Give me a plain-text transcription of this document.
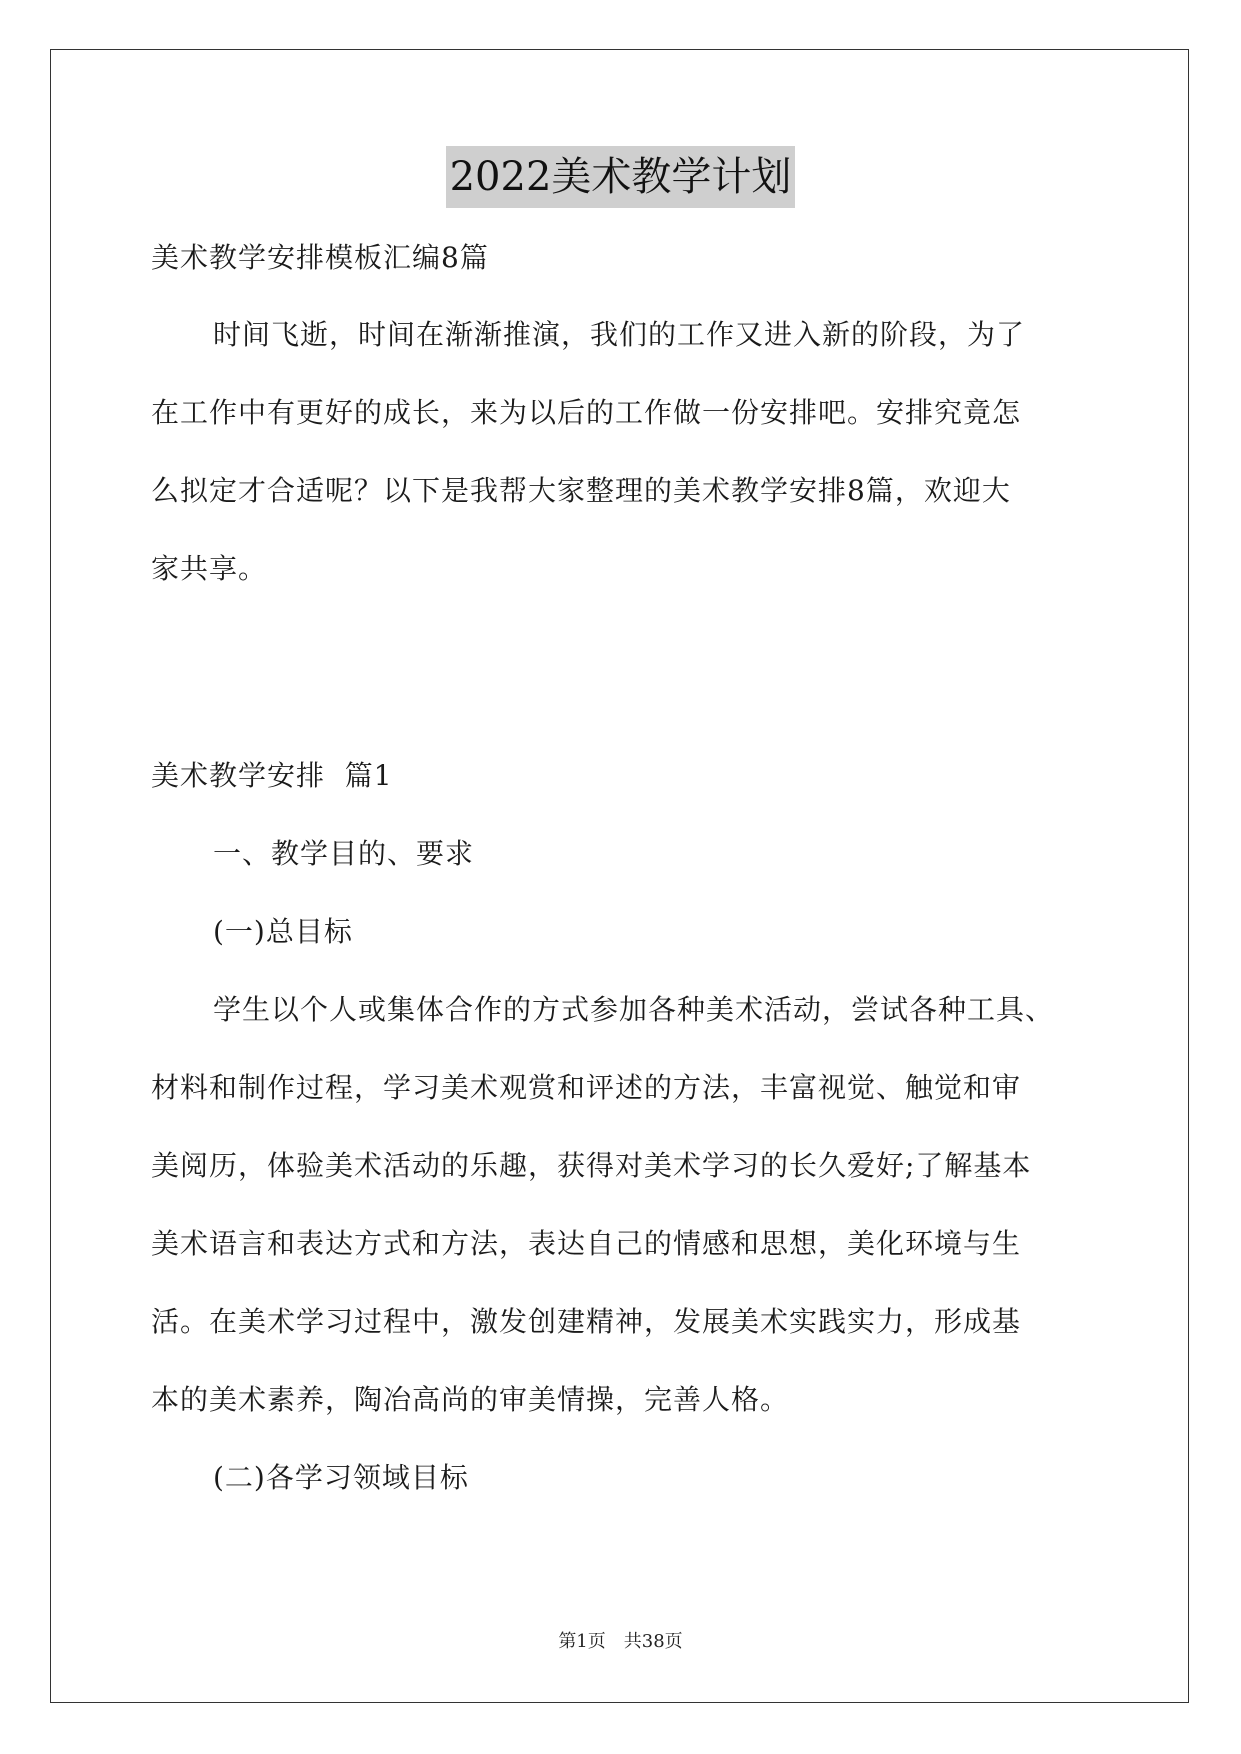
2022美术教学计划
美术教学安排模板汇编8篇
时间飞逝，时间在渐渐推演，我们的工作又进入新的阶段，为了
在工作中有更好的成长，来为以后的工作做一份安排吧。安排究竟怎
么拟定才合适呢？以下是我帮大家整理的美术教学安排8篇，欢迎大
家共享。
美术教学安排  篇1
一、教学目的、要求
(一)总目标
学生以个人或集体合作的方式参加各种美术活动，尝试各种工具、
材料和制作过程，学习美术观赏和评述的方法，丰富视觉、触觉和审
美阅历，体验美术活动的乐趣，获得对美术学习的长久爱好;了解基本
美术语言和表达方式和方法，表达自己的情感和思想，美化环境与生
活。在美术学习过程中，激发创建精神，发展美术实践实力，形成基
本的美术素养，陶冶高尚的审美情操，完善人格。
(二)各学习领域目标
第1页 共38页
